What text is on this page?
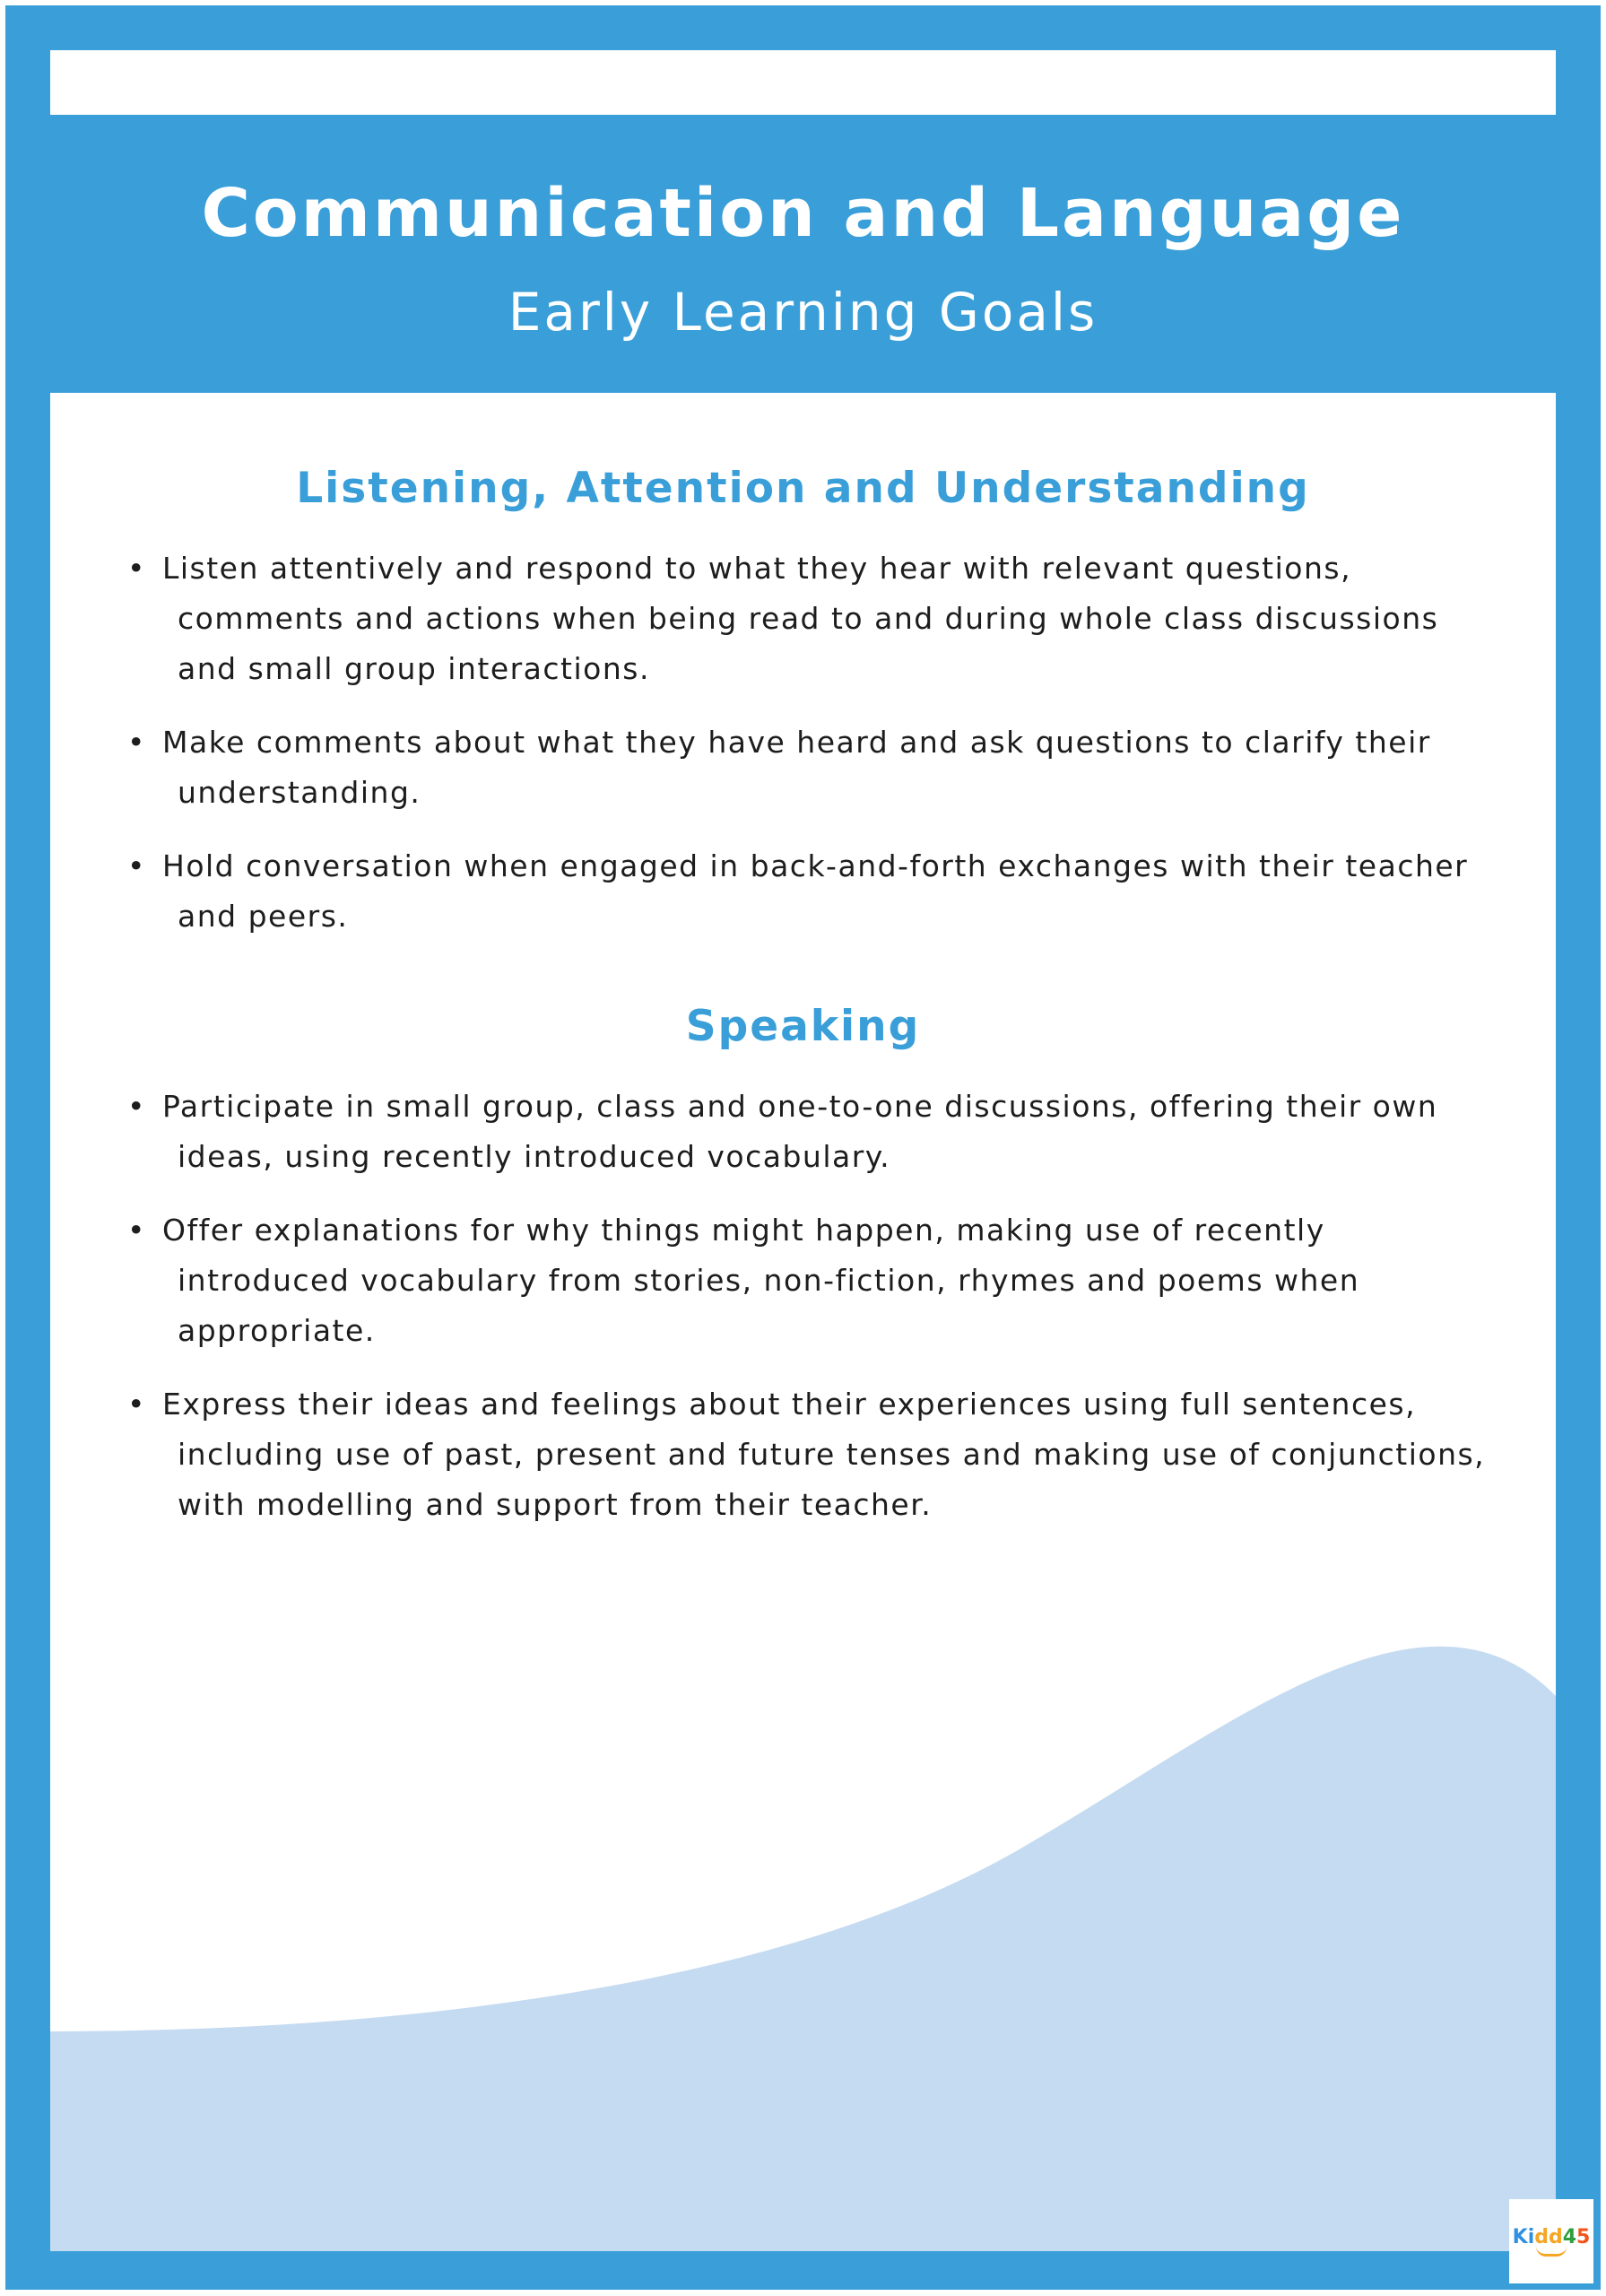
Communication and Language
Early Learning Goals
Listening, Attention and Understanding
• Listen attentively and respond to what they hear with relevant questions, comments and actions when being read to and during whole class discussions and small group interactions.
• Make comments about what they have heard and ask questions to clarify their understanding.
• Hold conversation when engaged in back-and-forth exchanges with their teacher and peers.
Speaking
• Participate in small group, class and one-to-one discussions, offering their own ideas, using recently introduced vocabulary.
• Offer explanations for why things might happen, making use of recently introduced vocabulary from stories, non-fiction, rhymes and poems when appropriate.
• Express their ideas and feelings about their experiences using full sentences, including use of past, present and future tenses and making use of conjunctions, with modelling and support from their teacher.
Kidd45
